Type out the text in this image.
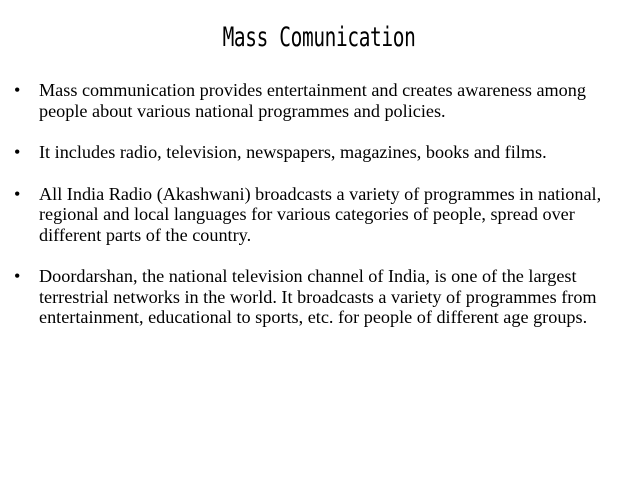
Mass Comunication
•	Mass communication provides entertainment and creates awareness among people about various national programmes and policies.
•	It includes radio, television, newspapers, magazines, books and films.
•	All India Radio (Akashwani) broadcasts a variety of programmes in national, regional and local languages for various categories of people, spread over different parts of the country.
•	Doordarshan, the national television channel of India, is one of the largest terrestrial networks in the world. It broadcasts a variety of programmes from entertainment, educational to sports, etc. for people of different age groups.
